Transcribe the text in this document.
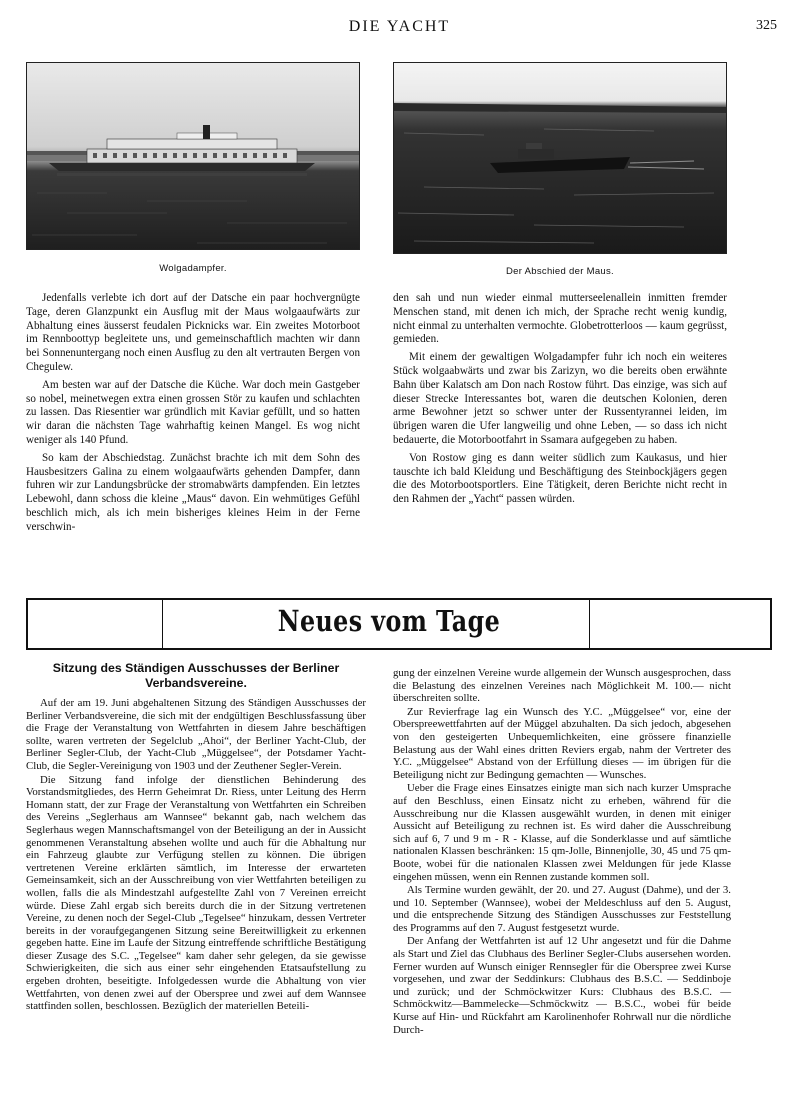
DIE YACHT	325
Wolgadampfer.	Der Abschied der Maus.

Jedenfalls verlebte ich dort auf der Datsche ein paar hochvergnügte Tage, deren Glanzpunkt ein Ausflug mit der Maus wolgaaufwärts zur Abhaltung eines äusserst feudalen Picknicks war. Ein zweites Motorboot im Rennboottyp begleitete uns, und gemeinschaftlich machten wir dann bei Sonnenuntergang noch einen Ausflug zu den alt vertrauten Bergen von Chegulew.

Am besten war auf der Datsche die Küche. War doch mein Gastgeber so nobel, meinetwegen extra einen grossen Stör zu kaufen und schlachten zu lassen. Das Riesentier war gründlich mit Kaviar gefüllt, und so hatten wir daran die nächsten Tage wahrhaftig keinen Mangel. Es wog nicht weniger als 140 Pfund.

So kam der Abschiedstag. Zunächst brachte ich mit dem Sohn des Hausbesitzers Galina zu einem wolgaaufwärts gehenden Dampfer, dann fuhren wir zur Landungsbrücke der stromabwärts dampfenden. Ein letztes Lebewohl, dann schoss die kleine „Maus“ davon. Ein wehmütiges Gefühl beschlich mich, als ich mein bisheriges kleines Heim in der Ferne verschwin-

den sah und nun wieder einmal mutterseelenallein inmitten fremder Menschen stand, mit denen ich mich, der Sprache recht wenig kundig, nicht einmal zu unterhalten vermochte. Globetrotterloos — kaum gegrüsst, gemieden.

Mit einem der gewaltigen Wolgadampfer fuhr ich noch ein weiteres Stück wolgaabwärts und zwar bis Zarizyn, wo die bereits oben erwähnte Bahn über Kalatsch am Don nach Rostow führt. Das einzige, was sich auf dieser Strecke Interessantes bot, waren die deutschen Kolonien, deren arme Bewohner jetzt so schwer unter der Russentyrannei leiden, im übrigen waren die Ufer langweilig und ohne Leben, — so dass ich nicht bedauerte, die Motorbootfahrt in Ssamara aufgegeben zu haben.

Von Rostow ging es dann weiter südlich zum Kaukasus, und hier tauschte ich bald Kleidung und Beschäftigung des Steinbockjägers gegen die des Motorbootsportlers. Eine Tätigkeit, deren Berichte nicht recht in den Rahmen der „Yacht“ passen würden.

Neues vom Tage
Sitzung des Ständigen Ausschusses der Berliner Verbandsvereine.

Auf der am 19. Juni abgehaltenen Sitzung des Ständigen Ausschusses der Berliner Verbandsvereine, die sich mit der endgültigen Beschlussfassung über die Frage der Veranstaltung von Wettfahrten in diesem Jahre beschäftigen sollte, waren vertreten der Segelclub „Ahoi“, der Berliner Yacht-Club, der Berliner Segler-Club, der Yacht-Club „Müggelsee“, der Potsdamer Yacht-Club, die Segler-Vereinigung von 1903 und der Zeuthener Segler-Verein.

Die Sitzung fand infolge der dienstlichen Behinderung des Vorstandsmitgliedes, des Herrn Geheimrat Dr. Riess, unter Leitung des Herrn Homann statt, der zur Frage der Veranstaltung von Wettfahrten ein Schreiben des Vereins „Seglerhaus am Wannsee“ bekannt gab, nach welchem das Seglerhaus wegen Mannschaftsmangel von der Beteiligung an der in Aussicht genommenen Veranstaltung absehen wollte und auch für die Abhaltung nur ein Fahrzeug glaubte zur Verfügung stellen zu können. Die übrigen vertretenen Vereine erklärten sämtlich, im Interesse der erwarteten Gemeinsamkeit, sich an der Ausschreibung von vier Wettfahrten beteiligen zu wollen, falls die als Mindestzahl aufgestellte Zahl von 7 Vereinen erreicht würde. Diese Zahl ergab sich bereits durch die in der Sitzung vertretenen Vereine, zu denen noch der Segel-Club „Tegelsee“ hinzukam, dessen Vertreter bereits in der voraufgegangenen Sitzung seine Bereitwilligkeit zu erkennen gegeben hatte. Eine im Laufe der Sitzung eintreffende schriftliche Bestätigung dieser Zusage des S.C. „Tegelsee“ kam daher sehr gelegen, da sie gewisse Schwierigkeiten, die sich aus einer sehr eingehenden Etatsaufstellung zu ergeben drohten, beseitigte. Infolgedessen wurde die Abhaltung von vier Wettfahrten, von denen zwei auf der Oberspree und zwei auf dem Wannsee stattfinden sollen, beschlossen. Bezüglich der materiellen Beteili-

gung der einzelnen Vereine wurde allgemein der Wunsch ausgesprochen, dass die Belastung des einzelnen Vereines nach Möglichkeit M. 100.— nicht überschreiten sollte.

Zur Revierfrage lag ein Wunsch des Y.C. „Müggelsee“ vor, eine der Oberspreewettfahrten auf der Müggel abzuhalten. Da sich jedoch, abgesehen von den gesteigerten Unbequemlichkeiten, eine grössere finanzielle Belastung aus der Wahl eines dritten Reviers ergab, nahm der Vertreter des Y.C. „Müggelsee“ Abstand von der Erfüllung dieses — im übrigen für die Beteiligung nicht zur Bedingung gemachten — Wunsches.

Ueber die Frage eines Einsatzes einigte man sich nach kurzer Umsprache auf den Beschluss, einen Einsatz nicht zu erheben, während für die Ausschreibung nur die Klassen ausgewählt wurden, in denen mit einiger Aussicht auf Beteiligung zu rechnen ist. Es wird daher die Ausschreibung sich auf 6, 7 und 9 m - R - Klasse, auf die Sonderklasse und auf sämtliche nationalen Klassen beschränken: 15 qm-Jolle, Binnenjolle, 30, 45 und 75 qm-Boote, wobei für die nationalen Klassen zwei Meldungen für jede Klasse eingehen müssen, wenn ein Rennen zustande kommen soll.

Als Termine wurden gewählt, der 20. und 27. August (Dahme), und der 3. und 10. September (Wannsee), wobei der Meldeschluss auf den 5. August, und die entsprechende Sitzung des Ständigen Ausschusses zur Feststellung des Programms auf den 7. August festgesetzt wurde.

Der Anfang der Wettfahrten ist auf 12 Uhr angesetzt und für die Dahme als Start und Ziel das Clubhaus des Berliner Segler-Clubs ausersehen worden. Ferner wurden auf Wunsch einiger Rennsegler für die Oberspree zwei Kurse vorgesehen, und zwar der Seddinkurs: Clubhaus des B.S.C. — Seddinboje und zurück; und der Schmöckwitzer Kurs: Clubhaus des B.S.C. — Schmöckwitz—Bammelecke—Schmöckwitz — B.S.C., wobei für beide Kurse auf Hin- und Rückfahrt am Karolinenhofer Rohrwall nur die nördliche Durch-
